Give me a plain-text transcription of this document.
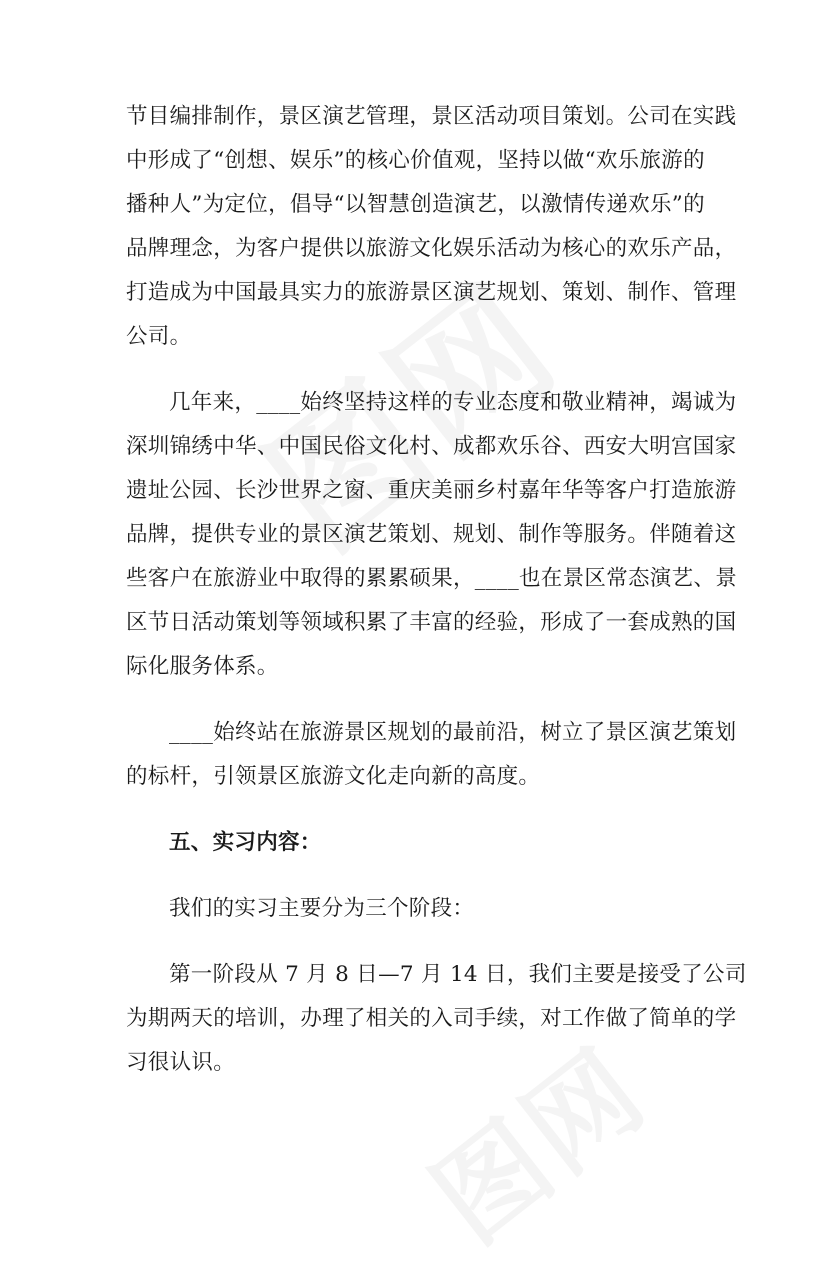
节目编排制作，景区演艺管理，景区活动项目策划。公司在实践
中形成了“创想、娱乐”的核心价值观，坚持以做“欢乐旅游的
播种人”为定位，倡导“以智慧创造演艺，以激情传递欢乐”的
品牌理念，为客户提供以旅游文化娱乐活动为核心的欢乐产品，
打造成为中国最具实力的旅游景区演艺规划、策划、制作、管理
公司。
几年来，____始终坚持这样的专业态度和敬业精神，竭诚为
深圳锦绣中华、中国民俗文化村、成都欢乐谷、西安大明宫国家
遗址公园、长沙世界之窗、重庆美丽乡村嘉年华等客户打造旅游
品牌，提供专业的景区演艺策划、规划、制作等服务。伴随着这
些客户在旅游业中取得的累累硕果，____也在景区常态演艺、景
区节日活动策划等领域积累了丰富的经验，形成了一套成熟的国
际化服务体系。
____始终站在旅游景区规划的最前沿，树立了景区演艺策划
的标杆，引领景区旅游文化走向新的高度。
五、实习内容：
我们的实习主要分为三个阶段：
第一阶段从 7 月 8 日—7 月 14 日，我们主要是接受了公司
为期两天的培训，办理了相关的入司手续，对工作做了简单的学
习很认识。
